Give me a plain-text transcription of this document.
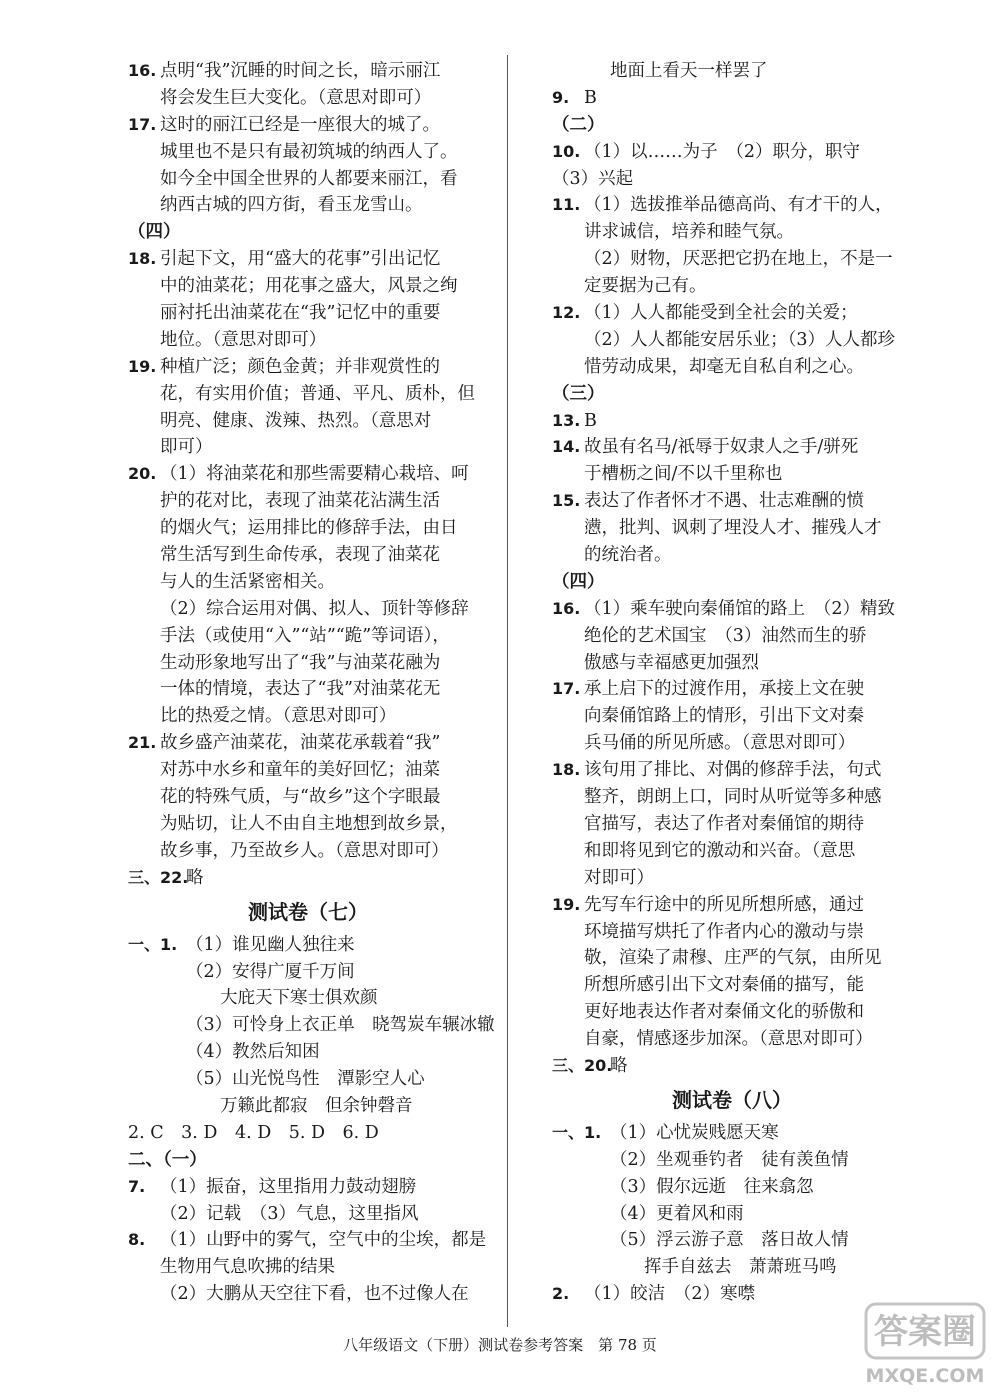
16. 点明“我”沉睡的时间之长，暗示丽江
将会发生巨大变化。（意思对即可）
17. 这时的丽江已经是一座很大的城了。
城里也不是只有最初筑城的纳西人了。
如今全中国全世界的人都要来丽江，看
纳西古城的四方街，看玉龙雪山。
（四）
18. 引起下文，用“盛大的花事”引出记忆
中的油菜花；用花事之盛大，风景之绚
丽衬托出油菜花在“我”记忆中的重要
地位。（意思对即可）
19. 种植广泛；颜色金黄；并非观赏性的
花，有实用价值；普通、平凡、质朴，但
明亮、健康、泼辣、热烈。（意思对
即可）
20. （1）将油菜花和那些需要精心栽培、呵
护的花对比，表现了油菜花沾满生活
的烟火气；运用排比的修辞手法，由日
常生活写到生命传承，表现了油菜花
与人的生活紧密相关。
（2）综合运用对偶、拟人、顶针等修辞
手法（或使用“入”“站”“跪”等词语），
生动形象地写出了“我”与油菜花融为
一体的情境，表达了“我”对油菜花无
比的热爱之情。（意思对即可）
21. 故乡盛产油菜花，油菜花承载着“我”
对苏中水乡和童年的美好回忆；油菜
花的特殊气质，与“故乡”这个字眼最
为贴切，让人不由自主地想到故乡景，
故乡事，乃至故乡人。（意思对即可）
三、22.
略
测试卷（七）
一、1. （1）谁见幽人独往来
（2）安得广厦千万间
大庇天下寒士俱欢颜
（3）可怜身上衣正单　晓驾炭车辗冰辙
（4）教然后知困
（5）山光悦鸟性　潭影空人心
万籁此都寂　但余钟磬音
2. C　3. D　4. D　5. D　6. D
二、（一）
7. （1）振奋，这里指用力鼓动翅膀
（2）记载　（3）气息，这里指风
8. （1）山野中的雾气，空气中的尘埃，都是
生物用气息吹拂的结果
（2）大鹏从天空往下看，也不过像人在
地面上看天一样罢了
9. B
（二）
10. （1）以……为子　（2）职分，职守
（3）兴起
11. （1）选拔推举品德高尚、有才干的人，
讲求诚信，培养和睦气氛。
（2）财物，厌恶把它扔在地上，不是一
定要据为己有。
12. （1）人人都能受到全社会的关爱；
（2）人人都能安居乐业；（3）人人都珍
惜劳动成果，却毫无自私自利之心。
（三）
13. B
14. 故虽有名马/祇辱于奴隶人之手/骈死
于槽枥之间/不以千里称也
15. 表达了作者怀才不遇、壮志难酬的愤
懑，批判、讽刺了埋没人才、摧残人才
的统治者。
（四）
16. （1）乘车驶向秦俑馆的路上　（2）精致
绝伦的艺术国宝　（3）油然而生的骄
傲感与幸福感更加强烈
17. 承上启下的过渡作用，承接上文在驶
向秦俑馆路上的情形，引出下文对秦
兵马俑的所见所感。（意思对即可）
18. 该句用了排比、对偶的修辞手法，句式
整齐，朗朗上口，同时从听觉等多种感
官描写，表达了作者对秦俑馆的期待
和即将见到它的激动和兴奋。（意思
对即可）
19. 先写车行途中的所见所想所感，通过
环境描写烘托了作者内心的激动与崇
敬，渲染了肃穆、庄严的气氛，由所见
所想所感引出下文对秦俑的描写，能
更好地表达作者对秦俑文化的骄傲和
自豪，情感逐步加深。（意思对即可）
三、20.
略
测试卷（八）
一、1. （1）心忧炭贱愿天寒
（2）坐观垂钓者　徒有羡鱼情
（3）假尔远逝　往来翕忽
（4）更着风和雨
（5）浮云游子意　落日故人情
挥手自兹去　萧萧班马鸣
2. （1）皎洁　（2）寒噤
八年级语文（下册）测试卷参考答案　第 78 页	答案圈
MXQE.COM
